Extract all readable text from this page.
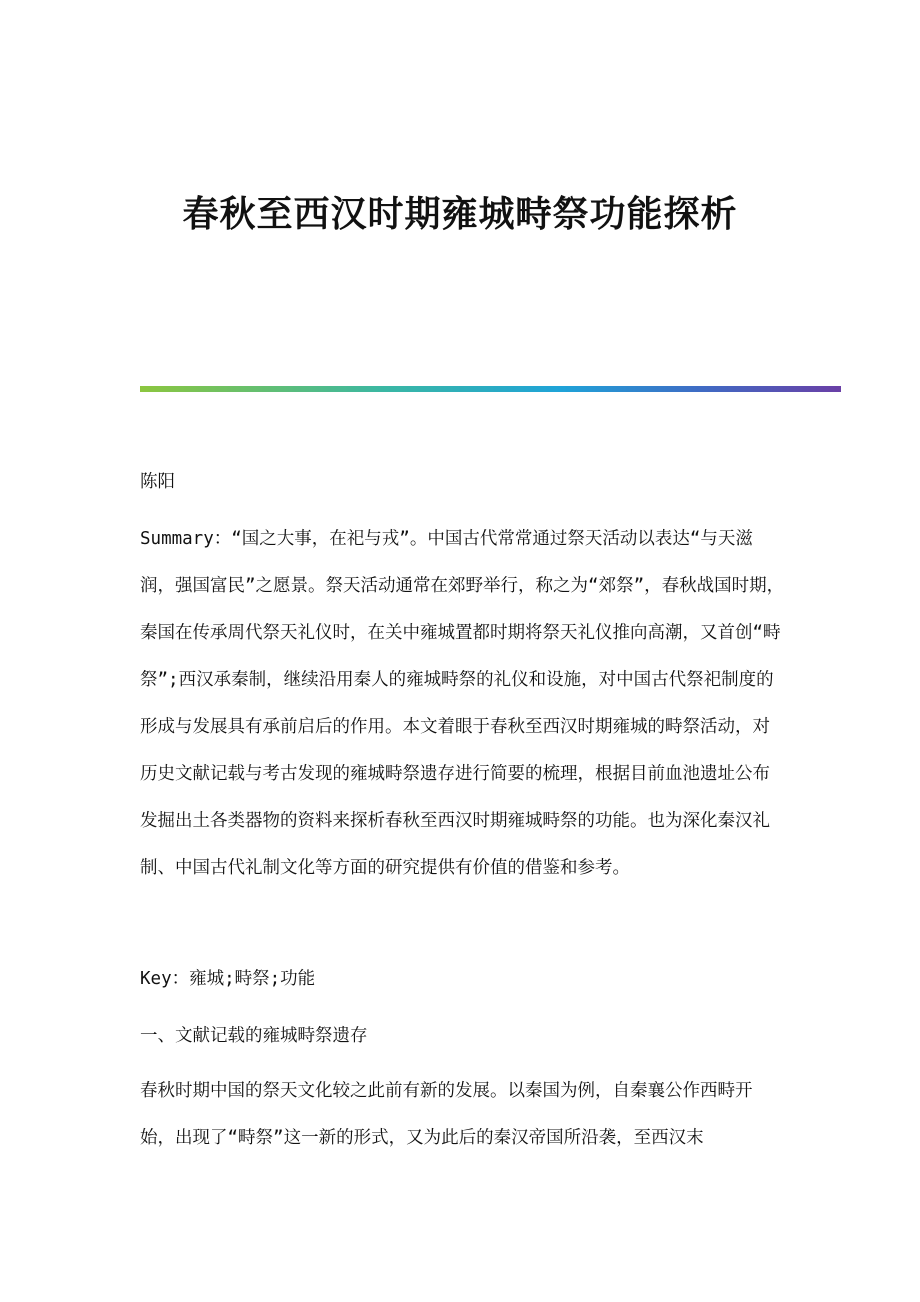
春秋至西汉时期雍城畤祭功能探析

陈阳

Summary：“国之大事，在祀与戎”。中国古代常常通过祭天活动以表达“与天滋润，强国富民”之愿景。祭天活动通常在郊野举行，称之为“郊祭”，春秋战国时期，秦国在传承周代祭天礼仪时，在关中雍城置都时期将祭天礼仪推向高潮，又首创“畤祭”;西汉承秦制，继续沿用秦人的雍城畤祭的礼仪和设施，对中国古代祭祀制度的形成与发展具有承前启后的作用。本文着眼于春秋至西汉时期雍城的畤祭活动，对历史文献记载与考古发现的雍城畤祭遗存进行简要的梳理，根据目前血池遗址公布发掘出土各类器物的资料来探析春秋至西汉时期雍城畤祭的功能。也为深化秦汉礼制、中国古代礼制文化等方面的研究提供有价值的借鉴和参考。

Key：雍城;畤祭;功能

一、文献记载的雍城畤祭遗存

春秋时期中国的祭天文化较之此前有新的发展。以秦国为例，自秦襄公作西畤开始，出现了“畤祭”这一新的形式，又为此后的秦汉帝国所沿袭，至西汉末
